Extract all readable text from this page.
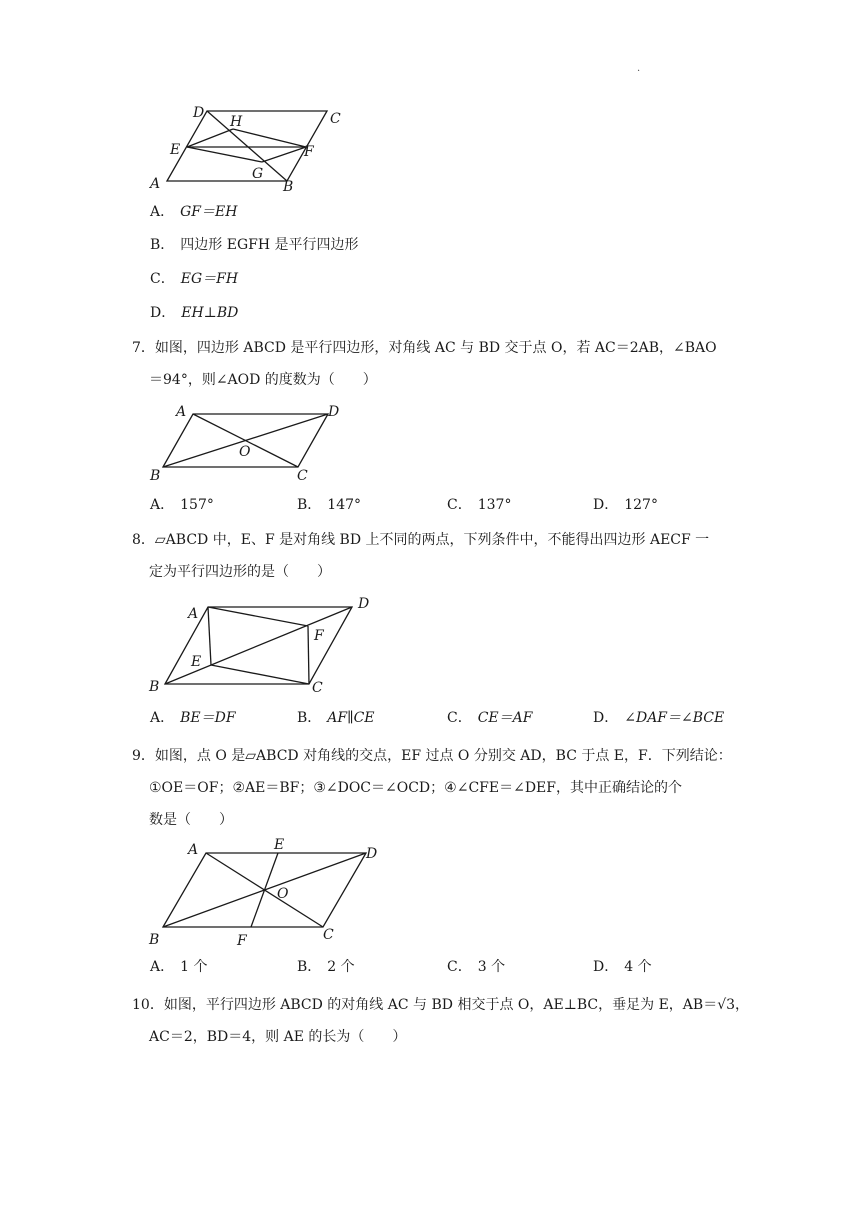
·
D
H	C
E	F
A
G
B
A． GF＝EH
B． 四边形 EGFH 是平行四边形
C． EG＝FH
D． EH⊥BD

7．如图，四边形 ABCD 是平行四边形，对角线 AC 与 BD 交于点 O，若 AC＝2AB，∠BAO

＝94°，则∠AOD 的度数为（　　）

A	D
O
B	C
A． 157°	B． 147°	C． 137°	D． 127°

8．▱ABCD 中，E、F 是对角线 BD 上不同的两点，下列条件中，不能得出四边形 AECF 一

定为平行四边形的是（　　）

A
D
F
E
B	C
A． BE＝DF	B． AF∥CE	C． CE＝AF	D． ∠DAF＝∠BCE

9．如图，点 O 是▱ABCD 对角线的交点，EF 过点 O 分别交 AD，BC 于点 E，F．下列结论：

①OE＝OF；②AE＝BF；③∠DOC＝∠OCD；④∠CFE＝∠DEF，其中正确结论的个

数是（　　）

A	E
D
O
C
B	F
A． 1 个	B． 2 个	C． 3 个	D． 4 个

10．如图，平行四边形 ABCD 的对角线 AC 与 BD 相交于点 O，AE⊥BC，垂足为 E，AB＝√3，

AC＝2，BD＝4，则 AE 的长为（　　）
